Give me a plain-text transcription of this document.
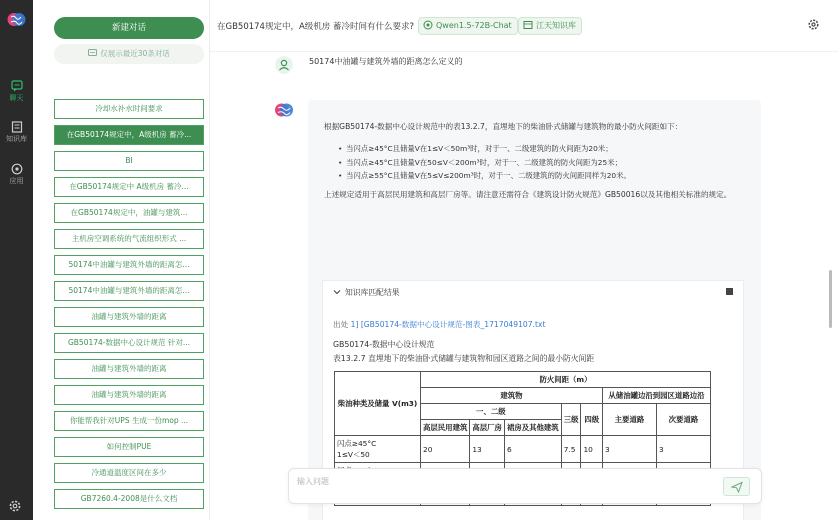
聊天
知识库
应用
新建对话
仅展示最近30条对话
冷却水补水时间要求
在GB50174规定中，A级机房 蓄冷...
BI
在GB50174规定中 A级机房 蓄冷...
在GB50174规定中，油罐与建筑...
主机房空调系统的气流组织形式 ...
50174中油罐与建筑外墙的距离怎...
50174中油罐与建筑外墙的距离怎...
油罐与建筑外墙的距离
GB50174-数据中心设计规范 针对...
油罐与建筑外墙的距离
油罐与建筑外墙的距离
你能帮我针对UPS 生成一份mop ...
如何控制PUE
冷通道温度区间在多少
GB7260.4-2008是什么文档
在GB50174规定中，A级机房 蓄冷时间有什么要求?	Qwen1.5-72B-Chat	江天知识库
50174中油罐与建筑外墙的距离怎么定义的
根据GB50174-数据中心设计规范中的表13.2.7，直埋地下的柴油卧式储罐与建筑物的最小防火间距如下：
• 当闪点≥45°C且储量V在1≤V＜50m³时，对于一、二级建筑的防火间距为20米；
• 当闪点≥45°C且储量V在50≤V＜200m³时，对于一、二级建筑的防火间距为25米；
• 当闪点≥55°C且储量V在5≤V≤200m³时，对于一、二级建筑的防火间距同样为20米。
上述规定适用于高层民用建筑和高层厂房等。请注意还需符合《建筑设计防火规范》GB50016以及其他相关标准的规定。
知识库匹配结果
出处 1] [GB50174-数据中心设计规范-图表_1717049107.txt
GB50174-数据中心设计规范
表13.2.7 直埋地下的柴油卧式储罐与建筑物和园区道路之间的最小防火间距
柴油种类及储量 V(m3)	防火间距（m）						
	建筑物					从储油罐边沿到园区道路边沿	
	一、二级			三级	四级	主要道路	次要道路
	高层民用建筑	高层厂房	裙房及其他建筑				

闪点≥45°C
1≤V＜50	20	13	6	7.5	10	3	3

输入问题
